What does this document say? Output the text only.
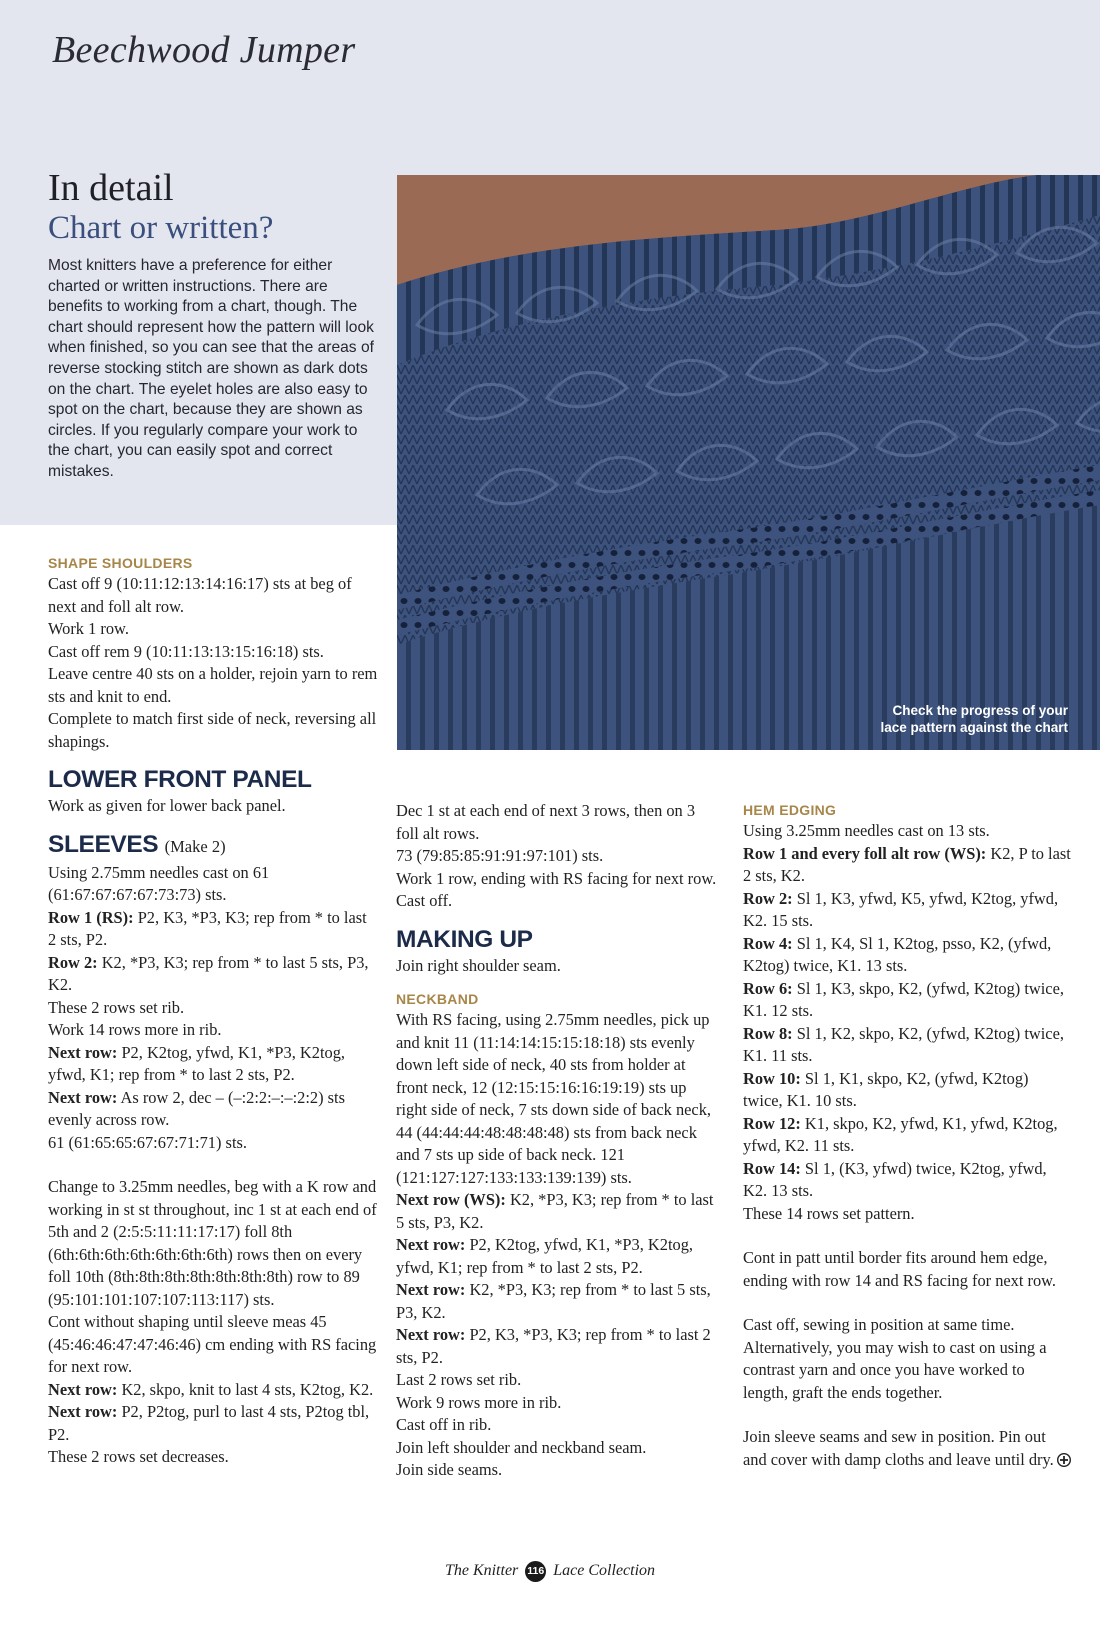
Beechwood Jumper
In detail
Chart or written?

Most knitters have a preference for either charted or written instructions. There are benefits to working from a chart, though. The chart should represent how the pattern will look when finished, so you can see that the areas of reverse stocking stitch are shown as dark dots on the chart. The eyelet holes are also easy to spot on the chart, because they are shown as circles. If you regularly compare your work to the chart, you can easily spot and correct mistakes.

Check the progress of your lace pattern against the chart
SHAPE SHOULDERS
Cast off 9 (10:11:12:13:14:16:17) sts at beg of next and foll alt row.
Work 1 row.
Cast off rem 9 (10:11:13:13:15:16:18) sts.
Leave centre 40 sts on a holder, rejoin yarn to rem sts and knit to end.
Complete to match first side of neck, reversing all shapings.
LOWER FRONT PANEL
Work as given for lower back panel.
SLEEVES (Make 2)
Using 2.75mm needles cast on 61 (61:67:67:67:67:73:73) sts.
Row 1 (RS): P2, K3, *P3, K3; rep from * to last 2 sts, P2.
Row 2: K2, *P3, K3; rep from * to last 5 sts, P3, K2.
These 2 rows set rib.
Work 14 rows more in rib.
Next row: P2, K2tog, yfwd, K1, *P3, K2tog, yfwd, K1; rep from * to last 2 sts, P2.
Next row: As row 2, dec – (–:2:2:–:–:2:2) sts evenly across row.
61 (61:65:65:67:67:71:71) sts.
Change to 3.25mm needles, beg with a K row and working in st st throughout, inc 1 st at each end of 5th and 2 (2:5:5:11:11:17:17) foll 8th (6th:6th:6th:6th:6th:6th:6th) rows then on every foll 10th (8th:8th:8th:8th:8th:8th:8th) row to 89 (95:101:101:107:107:113:117) sts.
Cont without shaping until sleeve meas 45 (45:46:46:47:47:46:46) cm ending with RS facing for next row.
Next row: K2, skpo, knit to last 4 sts, K2tog, K2.
Next row: P2, P2tog, purl to last 4 sts, P2tog tbl, P2.
These 2 rows set decreases.
Dec 1 st at each end of next 3 rows, then on 3 foll alt rows.
73 (79:85:85:91:91:97:101) sts.
Work 1 row, ending with RS facing for next row.
Cast off.
MAKING UP
Join right shoulder seam.
NECKBAND
With RS facing, using 2.75mm needles, pick up and knit 11 (11:14:14:15:15:18:18) sts evenly down left side of neck, 40 sts from holder at front neck, 12 (12:15:15:16:16:19:19) sts up right side of neck, 7 sts down side of back neck, 44 (44:44:44:48:48:48:48) sts from back neck and 7 sts up side of back neck. 121 (121:127:127:133:133:139:139) sts.
Next row (WS): K2, *P3, K3; rep from * to last 5 sts, P3, K2.
Next row: P2, K2tog, yfwd, K1, *P3, K2tog, yfwd, K1; rep from * to last 2 sts, P2.
Next row: K2, *P3, K3; rep from * to last 5 sts, P3, K2.
Next row: P2, K3, *P3, K3; rep from * to last 2 sts, P2.
Last 2 rows set rib.
Work 9 rows more in rib.
Cast off in rib.
Join left shoulder and neckband seam.
Join side seams.
HEM EDGING
Using 3.25mm needles cast on 13 sts.
Row 1 and every foll alt row (WS): K2, P to last 2 sts, K2.
Row 2: Sl 1, K3, yfwd, K5, yfwd, K2tog, yfwd, K2. 15 sts.
Row 4: Sl 1, K4, Sl 1, K2tog, psso, K2, (yfwd, K2tog) twice, K1. 13 sts.
Row 6: Sl 1, K3, skpo, K2, (yfwd, K2tog) twice, K1. 12 sts.
Row 8: Sl 1, K2, skpo, K2, (yfwd, K2tog) twice, K1. 11 sts.
Row 10: Sl 1, K1, skpo, K2, (yfwd, K2tog) twice, K1. 10 sts.
Row 12: K1, skpo, K2, yfwd, K1, yfwd, K2tog, yfwd, K2. 11 sts.
Row 14: Sl 1, (K3, yfwd) twice, K2tog, yfwd, K2. 13 sts.
These 14 rows set pattern.
Cont in patt until border fits around hem edge, ending with row 14 and RS facing for next row.
Cast off, sewing in position at same time. Alternatively, you may wish to cast on using a contrast yarn and once you have worked to length, graft the ends together.
Join sleeve seams and sew in position. Pin out and cover with damp cloths and leave until dry.
The Knitter 116 Lace Collection
